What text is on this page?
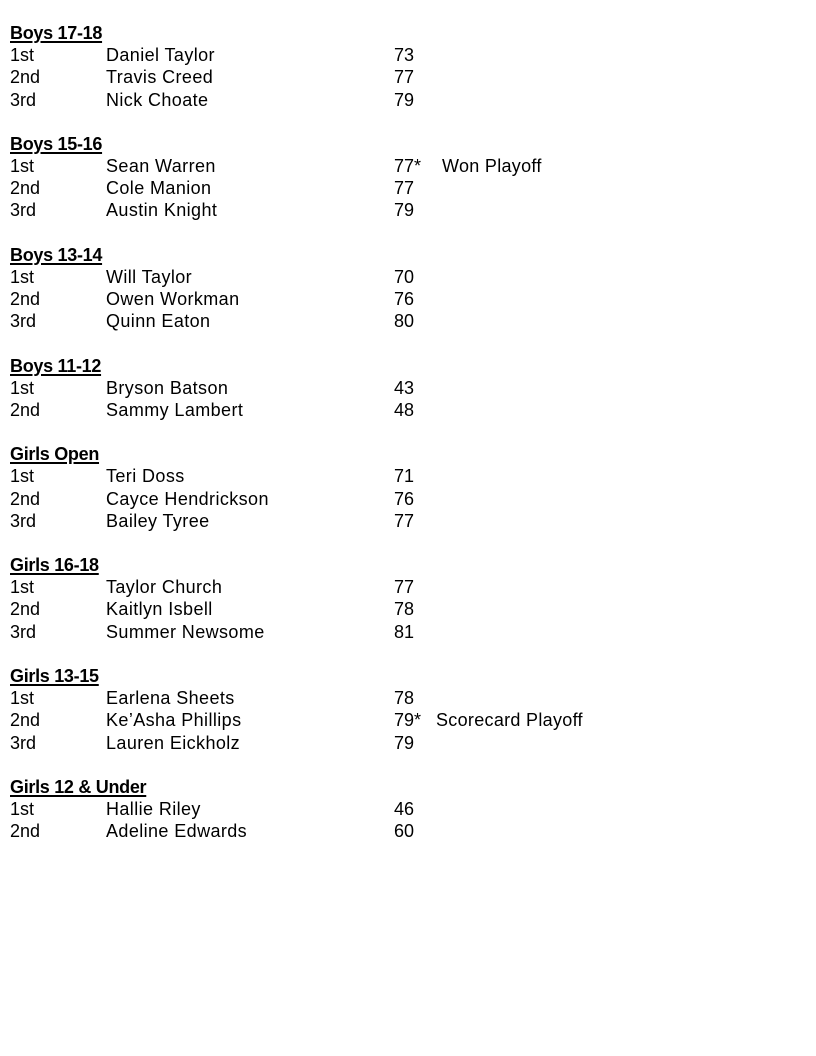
Boys 17-18
1st	Daniel Taylor	73
2nd	Travis Creed	77
3rd	Nick Choate	79
Boys 15-16
1st	Sean Warren	77* Won Playoff
2nd	Cole Manion	77
3rd	Austin Knight	79
Boys 13-14
1st	Will Taylor	70
2nd	Owen Workman	76
3rd	Quinn Eaton	80
Boys 11-12
1st	Bryson Batson	43
2nd	Sammy Lambert	48
Girls Open
1st	Teri Doss	71
2nd	Cayce Hendrickson	76
3rd	Bailey Tyree	77
Girls 16-18
1st	Taylor Church	77
2nd	Kaitlyn Isbell	78
3rd	Summer Newsome	81
Girls 13-15
1st	Earlena Sheets	78
2nd	Ke’Asha Phillips	79* Scorecard Playoff
3rd	Lauren Eickholz	79
Girls 12 & Under
1st	Hallie Riley	46
2nd	Adeline Edwards	60
